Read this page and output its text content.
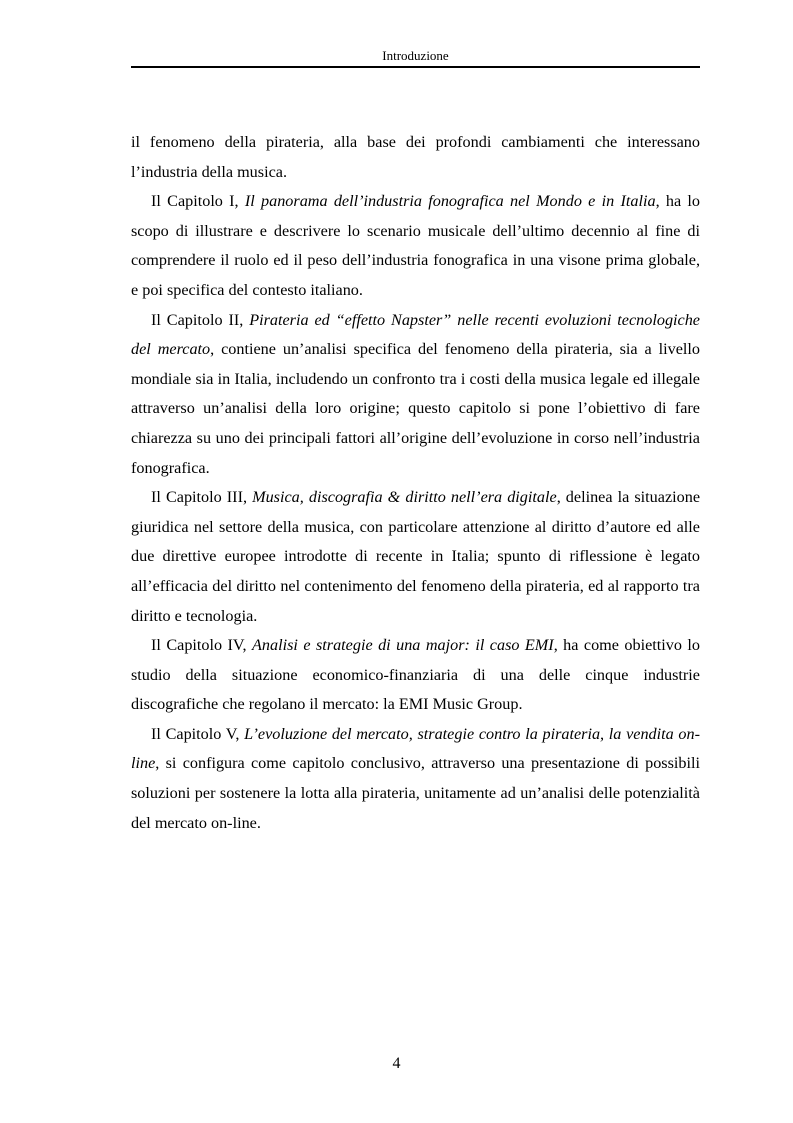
Introduzione

il fenomeno della pirateria, alla base dei profondi cambiamenti che interessano l’industria della musica.

Il Capitolo I, Il panorama dell’industria fonografica nel Mondo e in Italia, ha lo scopo di illustrare e descrivere lo scenario musicale dell’ultimo decennio al fine di comprendere il ruolo ed il peso dell’industria fonografica in una visone prima globale, e poi specifica del contesto italiano.

Il Capitolo II, Pirateria ed “effetto Napster” nelle recenti evoluzioni tecnologiche del mercato, contiene un’analisi specifica del fenomeno della pirateria, sia a livello mondiale sia in Italia, includendo un confronto tra i costi della musica legale ed illegale attraverso un’analisi della loro origine; questo capitolo si pone l’obiettivo di fare chiarezza su uno dei principali fattori all’origine dell’evoluzione in corso nell’industria fonografica.

Il Capitolo III, Musica, discografia & diritto nell’era digitale, delinea la situazione giuridica nel settore della musica, con particolare attenzione al diritto d’autore ed alle due direttive europee introdotte di recente in Italia; spunto di riflessione è legato all’efficacia del diritto nel contenimento del fenomeno della pirateria, ed al rapporto tra diritto e tecnologia.

Il Capitolo IV, Analisi e strategie di una major: il caso EMI, ha come obiettivo lo studio della situazione economico-finanziaria di una delle cinque industrie discografiche che regolano il mercato: la EMI Music Group.

Il Capitolo V, L’evoluzione del mercato, strategie contro la pirateria, la vendita on-line, si configura come capitolo conclusivo, attraverso una presentazione di possibili soluzioni per sostenere la lotta alla pirateria, unitamente ad un’analisi delle potenzialità del mercato on-line.

4
